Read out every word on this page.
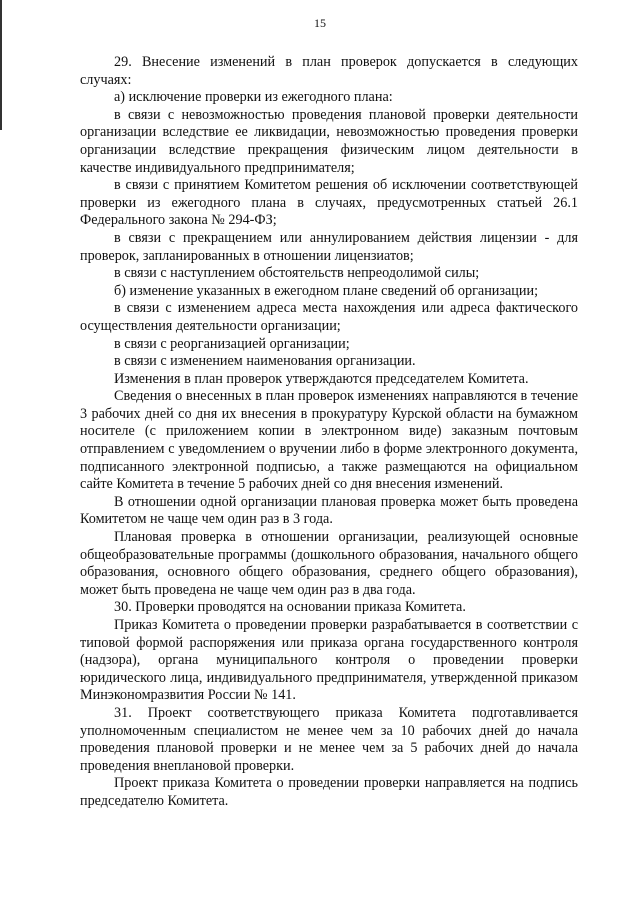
15

29. Внесение изменений в план проверок допускается в следующих случаях:

а) исключение проверки из ежегодного плана:

в связи с невозможностью проведения плановой проверки деятельности организации вследствие ее ликвидации, невозможностью проведения проверки организации вследствие прекращения физическим лицом деятельности в качестве индивидуального предпринимателя;

в связи с принятием Комитетом решения об исключении соответствующей проверки из ежегодного плана в случаях, предусмотренных статьей 26.1 Федерального закона № 294-ФЗ;

в связи с прекращением или аннулированием действия лицензии - для проверок, запланированных в отношении лицензиатов;

в связи с наступлением обстоятельств непреодолимой силы;

б) изменение указанных в ежегодном плане сведений об организации;

в связи с изменением адреса места нахождения или адреса фактического осуществления деятельности организации;

в связи с реорганизацией организации;

в связи с изменением наименования организации.

Изменения в план проверок утверждаются председателем Комитета.

Сведения о внесенных в план проверок изменениях направляются в течение 3 рабочих дней со дня их внесения в прокуратуру Курской области на бумажном носителе (с приложением копии в электронном виде) заказным почтовым отправлением с уведомлением о вручении либо в форме электронного документа, подписанного электронной подписью, а также размещаются на официальном сайте Комитета в течение 5 рабочих дней со дня внесения изменений.

В отношении одной организации плановая проверка может быть проведена Комитетом не чаще чем один раз в 3 года.

Плановая проверка в отношении организации, реализующей основные общеобразовательные программы (дошкольного образования, начального общего образования, основного общего образования, среднего общего образования), может быть проведена не чаще чем один раз в два года.

30. Проверки проводятся на основании приказа Комитета.

Приказ Комитета о проведении проверки разрабатывается в соответствии с типовой формой распоряжения или приказа органа государственного контроля (надзора), органа муниципального контроля о проведении проверки юридического лица, индивидуального предпринимателя, утвержденной приказом Минэкономразвития России № 141.

31. Проект соответствующего приказа Комитета подготавливается уполномоченным специалистом не менее чем за 10 рабочих дней до начала проведения плановой проверки и не менее чем за 5 рабочих дней до начала проведения внеплановой проверки.

Проект приказа Комитета о проведении проверки направляется на подпись председателю Комитета.
